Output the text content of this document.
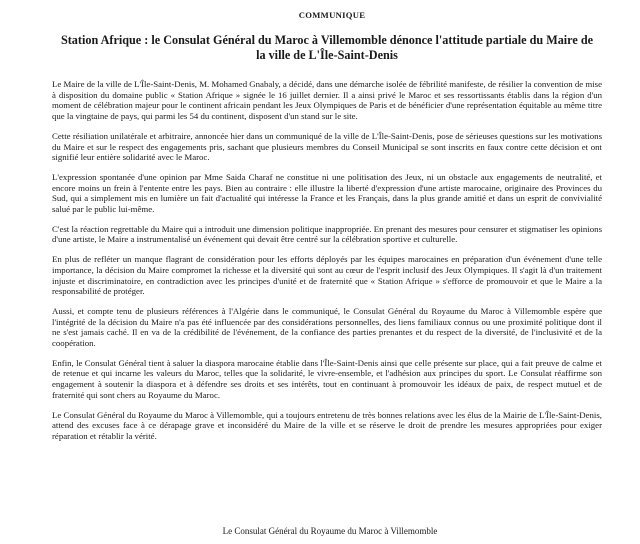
COMMUNIQUE
Station Afrique : le Consulat Général du Maroc à Villemomble dénonce l'attitude partiale du Maire de la ville de L'Île-Saint-Denis

Le Maire de la ville de L'Île-Saint-Denis, M. Mohamed Gnabaly, a décidé, dans une démarche isolée de fébrilité manifeste, de résilier la convention de mise à disposition du domaine public « Station Afrique » signée le 16 juillet dernier. Il a ainsi privé le Maroc et ses ressortissants établis dans la région d'un moment de célébration majeur pour le continent africain pendant les Jeux Olympiques de Paris et de bénéficier d'une représentation équitable au même titre que la vingtaine de pays, qui parmi les 54 du continent, disposent d'un stand sur le site.

Cette résiliation unilatérale et arbitraire, annoncée hier dans un communiqué de la ville de L'Île-Saint-Denis, pose de sérieuses questions sur les motivations du Maire et sur le respect des engagements pris, sachant que plusieurs membres du Conseil Municipal se sont inscrits en faux contre cette décision et ont signifié leur entière solidarité avec le Maroc.

L'expression spontanée d'une opinion par Mme Saida Charaf ne constitue ni une politisation des Jeux, ni un obstacle aux engagements de neutralité, et encore moins un frein à l'entente entre les pays. Bien au contraire : elle illustre la liberté d'expression d'une artiste marocaine, originaire des Provinces du Sud, qui a simplement mis en lumière un fait d'actualité qui intéresse la France et les Français, dans la plus grande amitié et dans un esprit de convivialité salué par le public lui-même.

C'est la réaction regrettable du Maire qui a introduit une dimension politique inappropriée. En prenant des mesures pour censurer et stigmatiser les opinions d'une artiste, le Maire a instrumentalisé un événement qui devait être centré sur la célébration sportive et culturelle.

En plus de refléter un manque flagrant de considération pour les efforts déployés par les équipes marocaines en préparation d'un événement d'une telle importance, la décision du Maire compromet la richesse et la diversité qui sont au cœur de l'esprit inclusif des Jeux Olympiques. Il s'agit là d'un traitement injuste et discriminatoire, en contradiction avec les principes d'unité et de fraternité que « Station Afrique » s'efforce de promouvoir et que le Maire a la responsabilité de protéger.

Aussi, et compte tenu de plusieurs références à l'Algérie dans le communiqué, le Consulat Général du Royaume du Maroc à Villemomble espère que l'intégrité de la décision du Maire n'a pas été influencée par des considérations personnelles, des liens familiaux connus ou une proximité politique dont il ne s'est jamais caché. Il en va de la crédibilité de l'événement, de la confiance des parties prenantes et du respect de la diversité, de l'inclusivité et de la coopération.

Enfin, le Consulat Général tient à saluer la diaspora marocaine établie dans l'Île-Saint-Denis ainsi que celle présente sur place, qui a fait preuve de calme et de retenue et qui incarne les valeurs du Maroc, telles que la solidarité, le vivre-ensemble, et l'adhésion aux principes du sport. Le Consulat réaffirme son engagement à soutenir la diaspora et à défendre ses droits et ses intérêts, tout en continuant à promouvoir les idéaux de paix, de respect mutuel et de fraternité qui sont chers au Royaume du Maroc.

Le Consulat Général du Royaume du Maroc à Villemomble, qui a toujours entretenu de très bonnes relations avec les élus de la Mairie de L'Île-Saint-Denis, attend des excuses face à ce dérapage grave et inconsidéré du Maire de la ville et se réserve le droit de prendre les mesures appropriées pour exiger réparation et rétablir la vérité.

Le Consulat Général du Royaume du Maroc à Villemomble
